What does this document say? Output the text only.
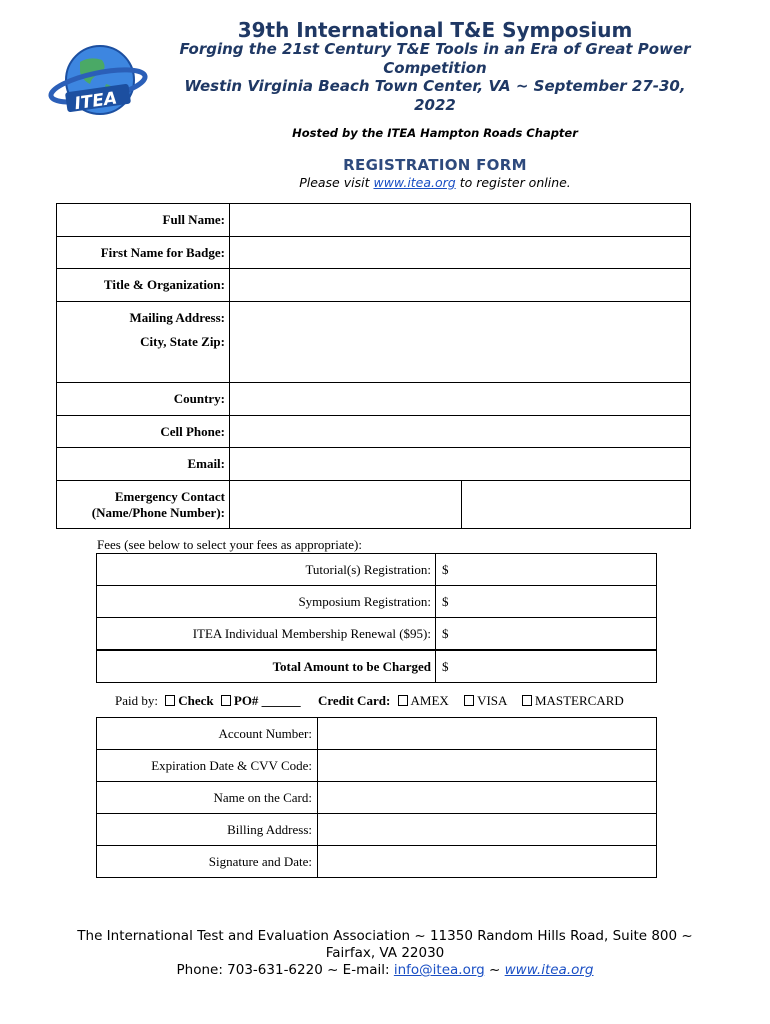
ITEA
39th International T&E Symposium
Forging the 21st Century T&E Tools in an Era of Great Power
Competition
Westin Virginia Beach Town Center, VA ~ September 27-30,
2022
Hosted by the ITEA Hampton Roads Chapter
REGISTRATION FORM
Please visit www.itea.org to register online.
Full Name:		
First Name for Badge:		
Title & Organization:		

Mailing Address:
City, State Zip:		

Country:		
Cell Phone:		
Email:		

Emergency Contact
(Name/Phone Number):		

Fees (see below to select your fees as appropriate):
Tutorial(s) Registration:	$
Symposium Registration:	$
ITEA Individual Membership Renewal ($95):	$
Total Amount to be Charged	$
Paid by: Check PO# ______ Credit Card: AMEX VISA MASTERCARD
Account Number:	
Expiration Date & CVV Code:	
Name on the Card:	
Billing Address:	
Signature and Date:	
The International Test and Evaluation Association ~ 11350 Random Hills Road, Suite 800 ~
Fairfax, VA 22030
Phone: 703-631-6220 ~ E-mail: info@itea.org ~ www.itea.org
